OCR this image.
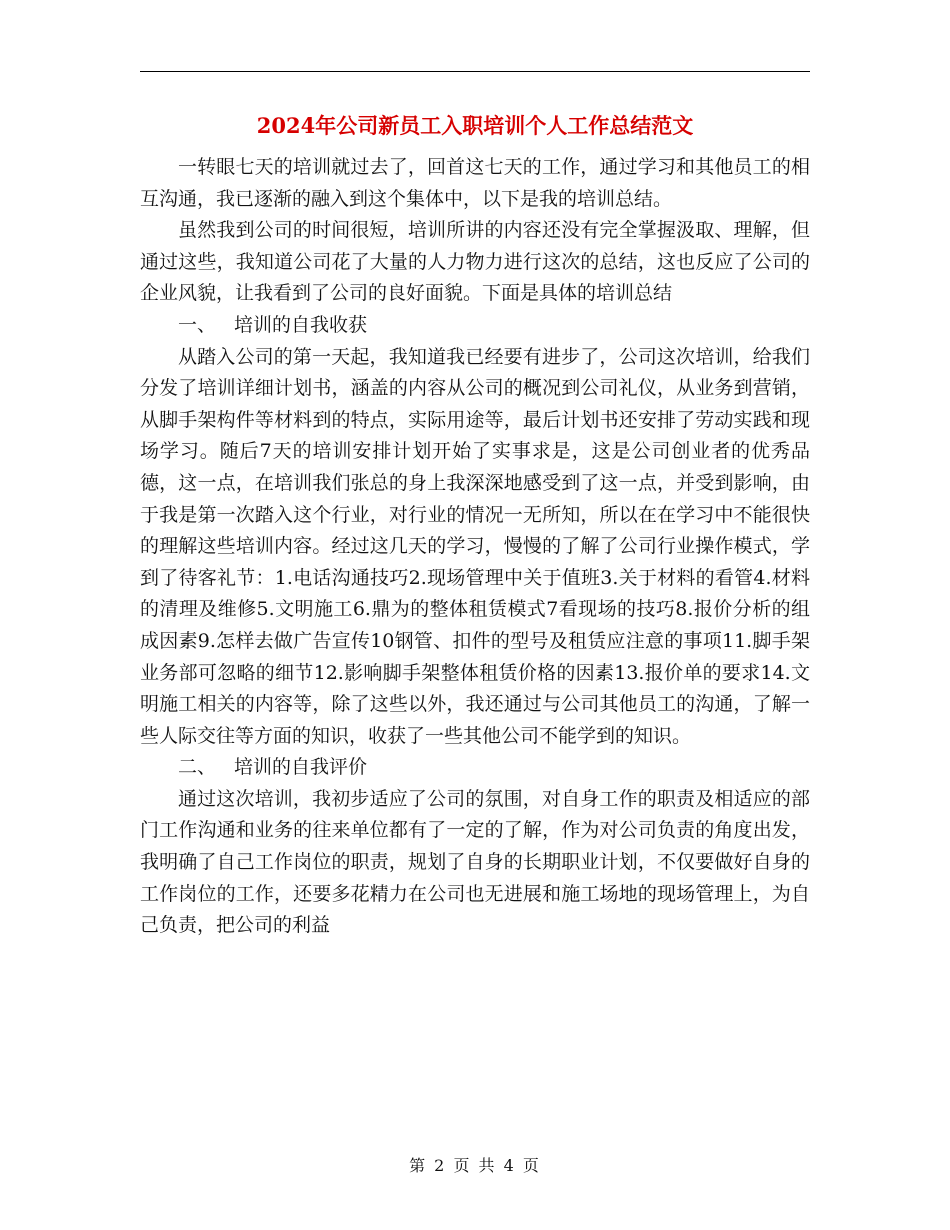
2024年公司新员工入职培训个人工作总结范文

一转眼七天的培训就过去了，回首这七天的工作，通过学习和其他员工的相互沟通，我已逐渐的融入到这个集体中，以下是我的培训总结。

虽然我到公司的时间很短，培训所讲的内容还没有完全掌握汲取、理解，但通过这些，我知道公司花了大量的人力物力进行这次的总结，这也反应了公司的企业风貌，让我看到了公司的良好面貌。下面是具体的培训总结

一、 培训的自我收获

从踏入公司的第一天起，我知道我已经要有进步了，公司这次培训，给我们分发了培训详细计划书，涵盖的内容从公司的概况到公司礼仪，从业务到营销，从脚手架构件等材料到的特点，实际用途等，最后计划书还安排了劳动实践和现场学习。随后7天的培训安排计划开始了实事求是，这是公司创业者的优秀品德，这一点，在培训我们张总的身上我深深地感受到了这一点，并受到影响，由于我是第一次踏入这个行业，对行业的情况一无所知，所以在在学习中不能很快的理解这些培训内容。经过这几天的学习，慢慢的了解了公司行业操作模式，学到了待客礼节：1.电话沟通技巧2.现场管理中关于值班3.关于材料的看管4.材料的清理及维修5.文明施工6.鼎为的整体租赁模式7看现场的技巧8.报价分析的组成因素9.怎样去做广告宣传10钢管、扣件的型号及租赁应注意的事项11.脚手架业务部可忽略的细节12.影响脚手架整体租赁价格的因素13.报价单的要求14.文明施工相关的内容等，除了这些以外，我还通过与公司其他员工的沟通，了解一些人际交往等方面的知识，收获了一些其他公司不能学到的知识。

二、 培训的自我评价

通过这次培训，我初步适应了公司的氛围，对自身工作的职责及相适应的部门工作沟通和业务的往来单位都有了一定的了解，作为对公司负责的角度出发，我明确了自己工作岗位的职责，规划了自身的长期职业计划，不仅要做好自身的工作岗位的工作，还要多花精力在公司也无进展和施工场地的现场管理上，为自己负责，把公司的利益

第 2 页 共 4 页
